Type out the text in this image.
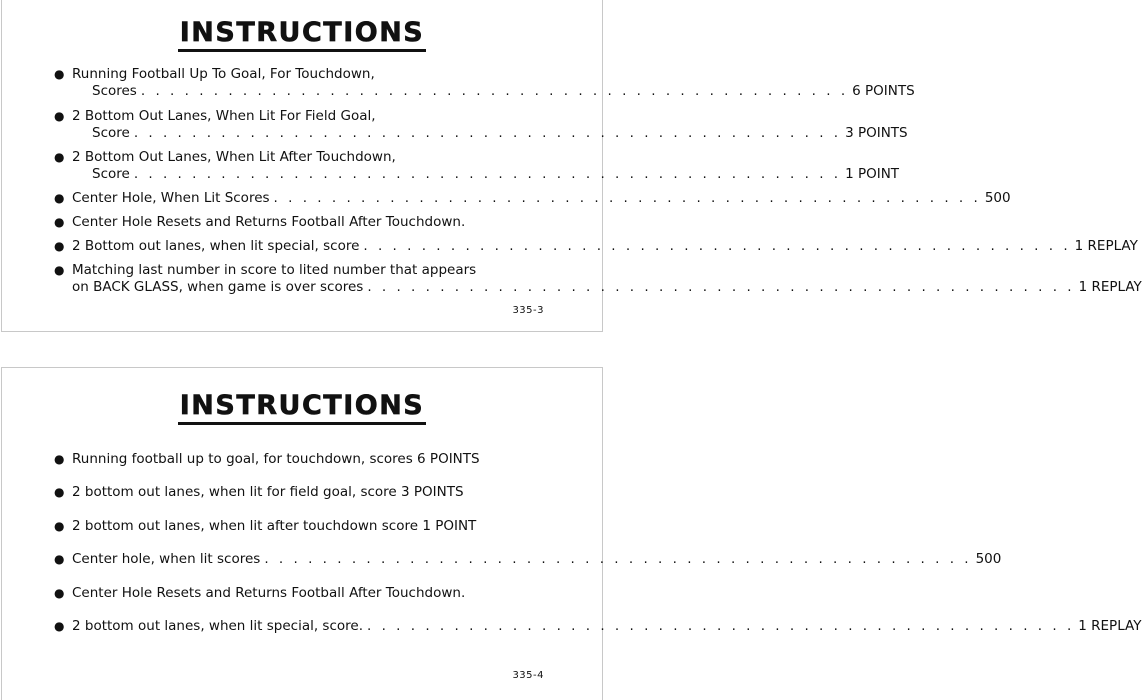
INSTRUCTIONS
● Running Football Up To Goal, For Touchdown,
Scores . . . . . . . . . . . . . . . . . . . . . . . . . . . . . . . . . . . . . . . . . . . . . . . . . 6 POINTS
● 2 Bottom Out Lanes, When Lit For Field Goal,
Score . . . . . . . . . . . . . . . . . . . . . . . . . . . . . . . . . . . . . . . . . . . . . . . . . 3 POINTS
● 2 Bottom Out Lanes, When Lit After Touchdown,
Score . . . . . . . . . . . . . . . . . . . . . . . . . . . . . . . . . . . . . . . . . . . . . . . . . 1 POINT
● Center Hole, When Lit Scores . . . . . . . . . . . . . . . . . . . . . . . . . . . . . . . . . . . . . . . . . . . . . . . . . 500
● Center Hole Resets and Returns Football After Touchdown.
● 2 Bottom out lanes, when lit special, score . . . . . . . . . . . . . . . . . . . . . . . . . . . . . . . . . . . . . . . . . . . . . . . . . 1 REPLAY
● Matching last number in score to lited number that appears
on BACK GLASS, when game is over scores . . . . . . . . . . . . . . . . . . . . . . . . . . . . . . . . . . . . . . . . . . . . . . . . . 1 REPLAY
335-3
INSTRUCTIONS
● Running football up to goal, for touchdown, scores 6 POINTS
● 2 bottom out lanes, when lit for field goal, score 3 POINTS
● 2 bottom out lanes, when lit after touchdown score 1 POINT
● Center hole, when lit scores . . . . . . . . . . . . . . . . . . . . . . . . . . . . . . . . . . . . . . . . . . . . . . . . . 500
● Center Hole Resets and Returns Football After Touchdown.
● 2 bottom out lanes, when lit special, score. . . . . . . . . . . . . . . . . . . . . . . . . . . . . . . . . . . . . . . . . . . . . . . . . . 1 REPLAY
335-4
